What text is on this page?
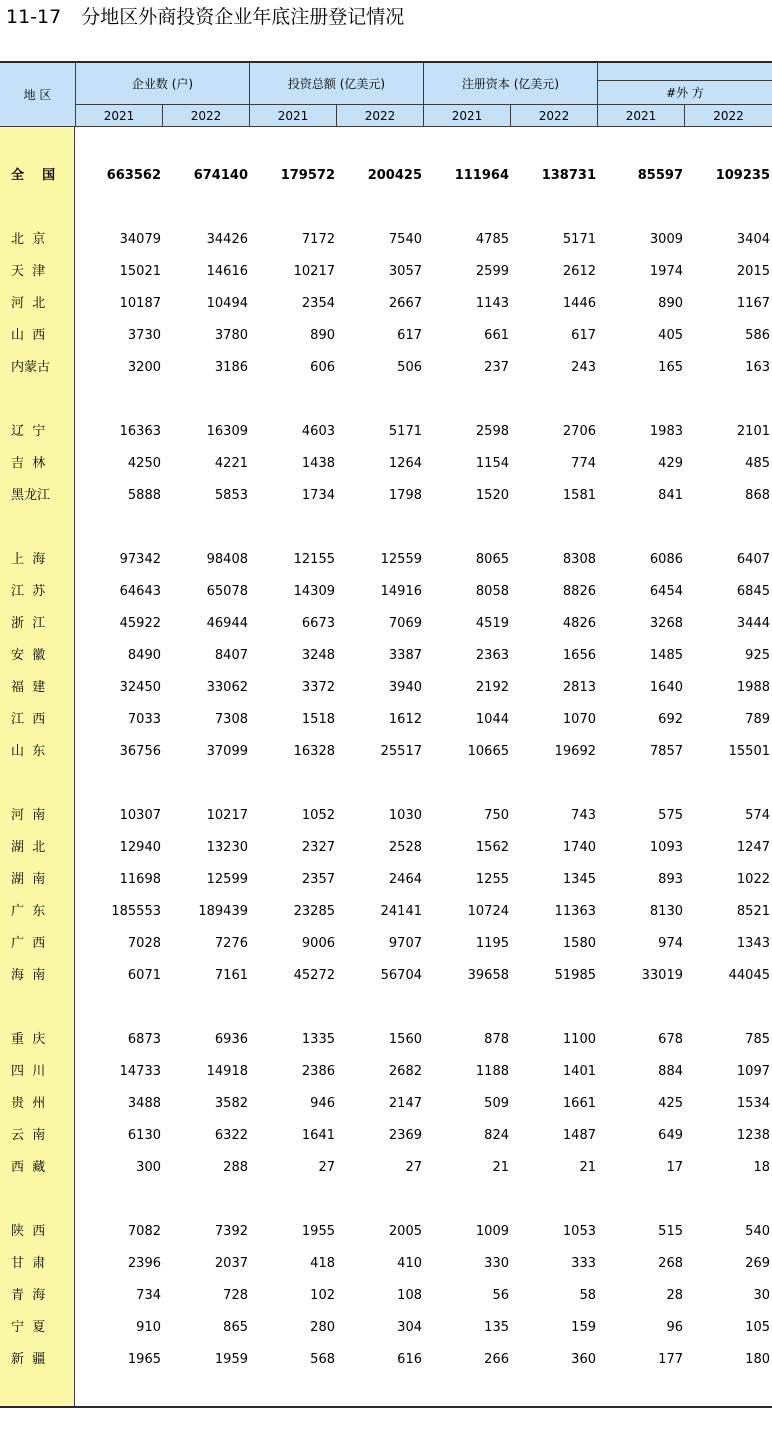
11-17 分地区外商投资企业年底注册登记情况
地 区
企业数 (户)	投资总额 (亿美元)	注册资本 (亿美元)
#外 方
2021	2022	2021	2022	2021	2022	2021	2022
全    国	663562	674140	179572	200425	111964	138731	85597	109235
北  京	34079	34426	7172	7540	4785	5171	3009	3404
天  津	15021	14616	10217	3057	2599	2612	1974	2015
河  北	10187	10494	2354	2667	1143	1446	890	1167
山  西	3730	3780	890	617	661	617	405	586
内蒙古	3200	3186	606	506	237	243	165	163
辽  宁	16363	16309	4603	5171	2598	2706	1983	2101
吉  林	4250	4221	1438	1264	1154	774	429	485
黑龙江	5888	5853	1734	1798	1520	1581	841	868
上  海	97342	98408	12155	12559	8065	8308	6086	6407
江  苏	64643	65078	14309	14916	8058	8826	6454	6845
浙  江	45922	46944	6673	7069	4519	4826	3268	3444
安  徽	8490	8407	3248	3387	2363	1656	1485	925
福  建	32450	33062	3372	3940	2192	2813	1640	1988
江  西	7033	7308	1518	1612	1044	1070	692	789
山  东	36756	37099	16328	25517	10665	19692	7857	15501
河  南	10307	10217	1052	1030	750	743	575	574
湖  北	12940	13230	2327	2528	1562	1740	1093	1247
湖  南	11698	12599	2357	2464	1255	1345	893	1022
广  东	185553	189439	23285	24141	10724	11363	8130	8521
广  西	7028	7276	9006	9707	1195	1580	974	1343
海  南	6071	7161	45272	56704	39658	51985	33019	44045
重  庆	6873	6936	1335	1560	878	1100	678	785
四  川	14733	14918	2386	2682	1188	1401	884	1097
贵  州	3488	3582	946	2147	509	1661	425	1534
云  南	6130	6322	1641	2369	824	1487	649	1238
西  藏	300	288	27	27	21	21	17	18
陕  西	7082	7392	1955	2005	1009	1053	515	540
甘  肃	2396	2037	418	410	330	333	268	269
青  海	734	728	102	108	56	58	28	30
宁  夏	910	865	280	304	135	159	96	105
新  疆	1965	1959	568	616	266	360	177	180
